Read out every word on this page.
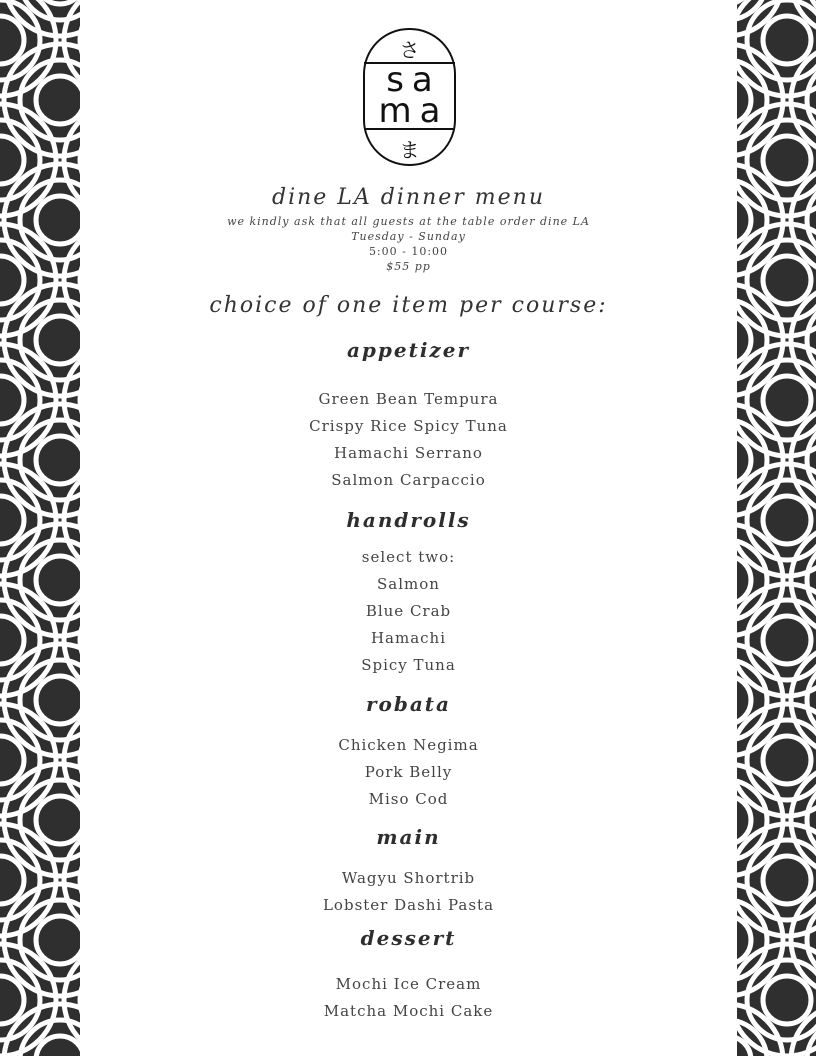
さ
sa
ma
ま
dine LA dinner menu
we kindly ask that all guests at the table order dine LA
Tuesday - Sunday
5:00 - 10:00
$55 pp
choice of one item per course:
appetizer
Green Bean Tempura
Crispy Rice Spicy Tuna
Hamachi Serrano
Salmon Carpaccio
handrolls
select two:
Salmon
Blue Crab
Hamachi
Spicy Tuna
robata
Chicken Negima
Pork Belly
Miso Cod
main
Wagyu Shortrib
Lobster Dashi Pasta
dessert
Mochi Ice Cream
Matcha Mochi Cake
